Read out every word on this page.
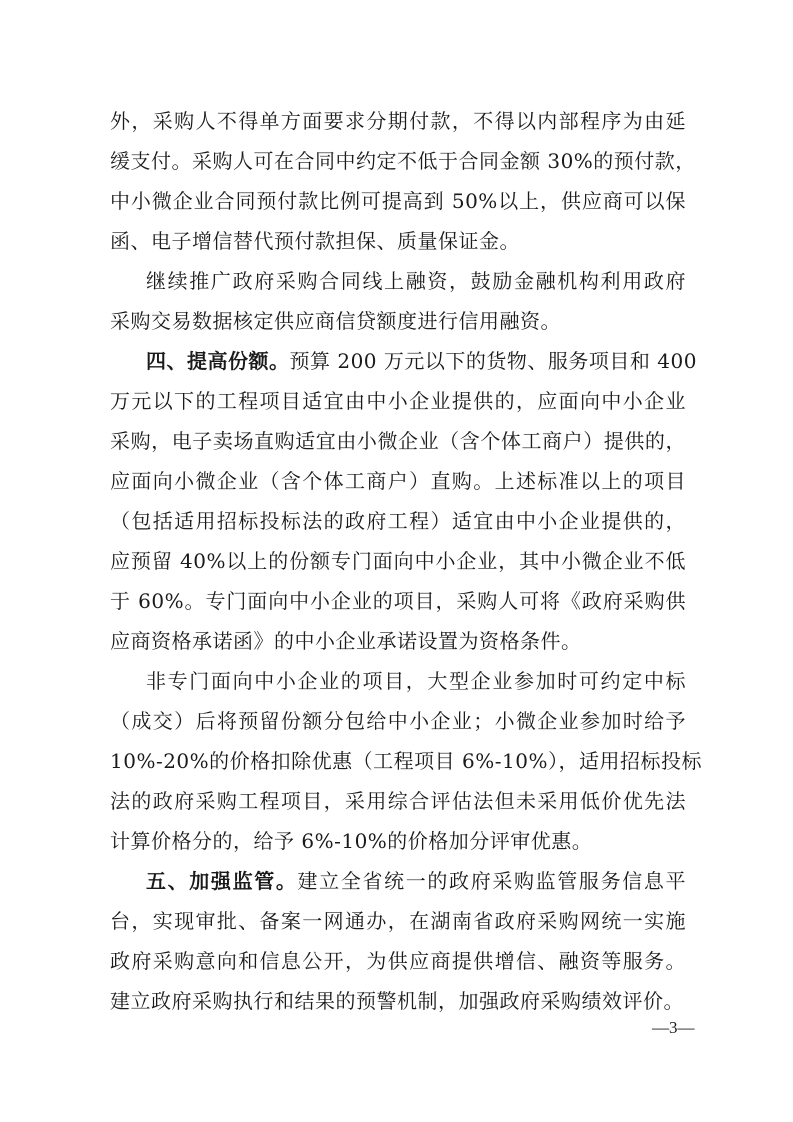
外，采购人不得单方面要求分期付款，不得以内部程序为由延
缓支付。采购人可在合同中约定不低于合同金额 30%的预付款，
中小微企业合同预付款比例可提高到 50%以上，供应商可以保
函、电子增信替代预付款担保、质量保证金。
继续推广政府采购合同线上融资，鼓励金融机构利用政府
采购交易数据核定供应商信贷额度进行信用融资。
四、提高份额。预算 200 万元以下的货物、服务项目和 400
万元以下的工程项目适宜由中小企业提供的，应面向中小企业
采购，电子卖场直购适宜由小微企业（含个体工商户）提供的，
应面向小微企业（含个体工商户）直购。上述标准以上的项目
（包括适用招标投标法的政府工程）适宜由中小企业提供的，
应预留 40%以上的份额专门面向中小企业，其中小微企业不低
于 60%。专门面向中小企业的项目，采购人可将《政府采购供
应商资格承诺函》的中小企业承诺设置为资格条件。
非专门面向中小企业的项目，大型企业参加时可约定中标
（成交）后将预留份额分包给中小企业；小微企业参加时给予
10%-20%的价格扣除优惠（工程项目 6%-10%），适用招标投标
法的政府采购工程项目，采用综合评估法但未采用低价优先法
计算价格分的，给予 6%-10%的价格加分评审优惠。
五、加强监管。建立全省统一的政府采购监管服务信息平
台，实现审批、备案一网通办，在湖南省政府采购网统一实施
政府采购意向和信息公开，为供应商提供增信、融资等服务。
建立政府采购执行和结果的预警机制，加强政府采购绩效评价。
—3—
